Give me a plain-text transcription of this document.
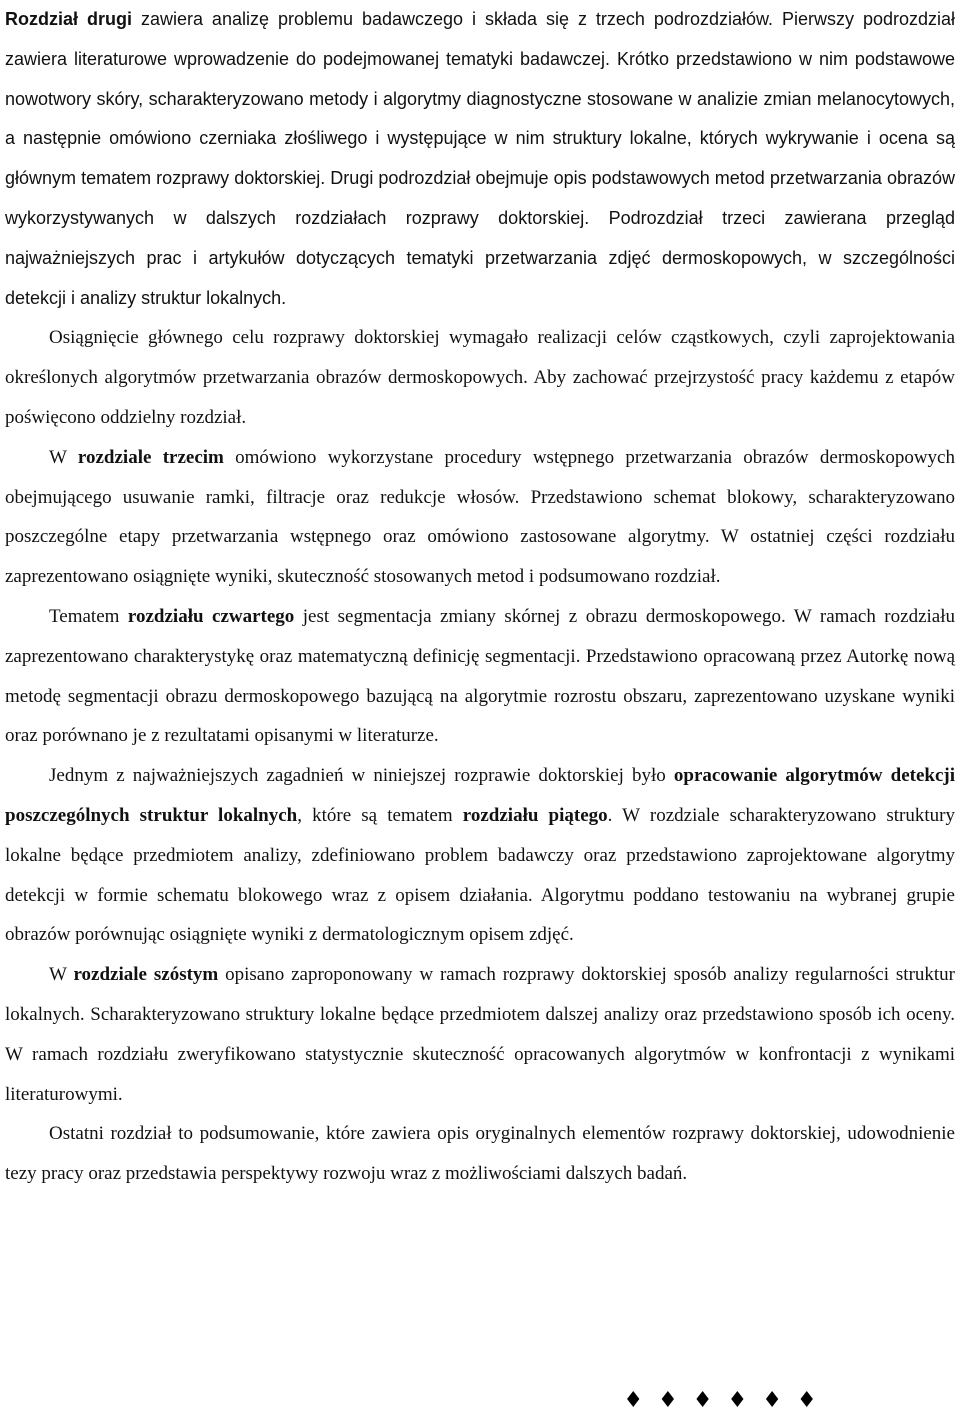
Rozdział drugi zawiera analizę problemu badawczego i składa się z trzech podrozdziałów. Pierwszy podrozdział zawiera literaturowe wprowadzenie do podejmowanej tematyki badawczej. Krótko przedstawiono w nim podstawowe nowotwory skóry, scharakteryzowano metody i algorytmy diagnostyczne stosowane w analizie zmian melanocytowych, a następnie omówiono czerniaka złośliwego i występujące w nim struktury lokalne, których wykrywanie i ocena są głównym tematem rozprawy doktorskiej. Drugi podrozdział obejmuje opis podstawowych metod przetwarzania obrazów wykorzystywanych w dalszych rozdziałach rozprawy doktorskiej. Podrozdział trzeci zawierana przegląd najważniejszych prac i artykułów dotyczących tematyki przetwarzania zdjęć dermoskopowych, w szczególności detekcji i analizy struktur lokalnych.

Osiągnięcie głównego celu rozprawy doktorskiej wymagało realizacji celów cząstkowych, czyli zaprojektowania określonych algorytmów przetwarzania obrazów dermoskopowych. Aby zachować przejrzystość pracy każdemu z etapów poświęcono oddzielny rozdział.

W rozdziale trzecim omówiono wykorzystane procedury wstępnego przetwarzania obrazów dermoskopowych obejmującego usuwanie ramki, filtracje oraz redukcje włosów. Przedstawiono schemat blokowy, scharakteryzowano poszczególne etapy przetwarzania wstępnego oraz omówiono zastosowane algorytmy. W ostatniej części rozdziału zaprezentowano osiągnięte wyniki, skuteczność stosowanych metod i podsumowano rozdział.

Tematem rozdziału czwartego jest segmentacja zmiany skórnej z obrazu dermoskopowego. W ramach rozdziału zaprezentowano charakterystykę oraz matematyczną definicję segmentacji. Przedstawiono opracowaną przez Autorkę nową metodę segmentacji obrazu dermoskopowego bazującą na algorytmie rozrostu obszaru, zaprezentowano uzyskane wyniki oraz porównano je z rezultatami opisanymi w literaturze.

Jednym z najważniejszych zagadnień w niniejszej rozprawie doktorskiej było opracowanie algorytmów detekcji poszczególnych struktur lokalnych, które są tematem rozdziału piątego. W rozdziale scharakteryzowano struktury lokalne będące przedmiotem analizy, zdefiniowano problem badawczy oraz przedstawiono zaprojektowane algorytmy detekcji w formie schematu blokowego wraz z opisem działania. Algorytmu poddano testowaniu na wybranej grupie obrazów porównując osiągnięte wyniki z dermatologicznym opisem zdjęć.

W rozdziale szóstym opisano zaproponowany w ramach rozprawy doktorskiej sposób analizy regularności struktur lokalnych. Scharakteryzowano struktury lokalne będące przedmiotem dalszej analizy oraz przedstawiono sposób ich oceny. W ramach rozdziału zweryfikowano statystycznie skuteczność opracowanych algorytmów w konfrontacji z wynikami literaturowymi.

Ostatni rozdział to podsumowanie, które zawiera opis oryginalnych elementów rozprawy doktorskiej, udowodnienie tezy pracy oraz przedstawia perspektywy rozwoju wraz z możliwościami dalszych badań.

♦ ♦ ♦ ♦ ♦ ♦
